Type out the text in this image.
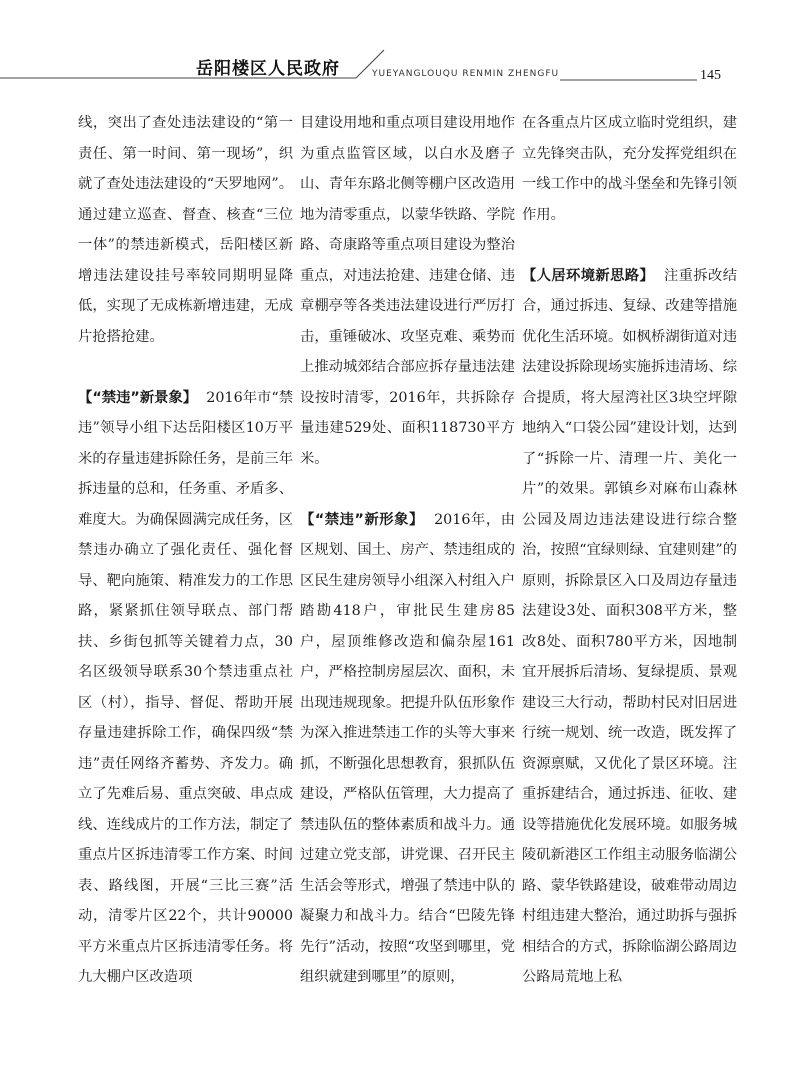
岳阳楼区人民政府	YUEYANGLOUQU RENMIN ZHENGFU	145

线，突出了查处违法建设的“第一责任、第一时间、第一现场”，织就了查处违法建设的“天罗地网”。通过建立巡查、督查、核查“三位一体”的禁违新模式，岳阳楼区新增违法建设挂号率较同期明显降低，实现了无成栋新增违建，无成片抢搭抢建。

【“禁违”新景象】 2016年市“禁违”领导小组下达岳阳楼区10万平米的存量违建拆除任务，是前三年拆违量的总和，任务重、矛盾多、难度大。为确保圆满完成任务，区禁违办确立了强化责任、强化督导、靶向施策、精准发力的工作思路，紧紧抓住领导联点、部门帮扶、乡街包抓等关键着力点，30名区级领导联系30个禁违重点社区（村），指导、督促、帮助开展存量违建拆除工作，确保四级“禁违”责任网络齐蓄势、齐发力。确立了先难后易、重点突破、串点成线、连线成片的工作方法，制定了重点片区拆违清零工作方案、时间表、路线图，开展“三比三赛”活动，清零片区22个，共计90000平方米重点片区拆违清零任务。将九大棚户区改造项

目建设用地和重点项目建设用地作为重点监管区域，以白水及磨子山、青年东路北侧等棚户区改造用地为清零重点，以蒙华铁路、学院路、奇康路等重点项目建设为整治重点，对违法抢建、违建仓储、违章棚亭等各类违法建设进行严厉打击，重锤破冰、攻坚克难、乘势而上推动城郊结合部应拆存量违法建设按时清零，2016年，共拆除存量违建529处、面积118730平方米。

【“禁违”新形象】 2016年，由区规划、国土、房产、禁违组成的区民生建房领导小组深入村组入户踏勘418户，审批民生建房85户，屋顶维修改造和偏杂屋161户，严格控制房屋层次、面积，未出现违规现象。把提升队伍形象作为深入推进禁违工作的头等大事来抓，不断强化思想教育，狠抓队伍建设，严格队伍管理，大力提高了禁违队伍的整体素质和战斗力。通过建立党支部，讲党课、召开民主生活会等形式，增强了禁违中队的凝聚力和战斗力。结合“巴陵先锋先行”活动，按照“攻坚到哪里，党组织就建到哪里”的原则，

在各重点片区成立临时党组织，建立先锋突击队，充分发挥党组织在一线工作中的战斗堡垒和先锋引领作用。

【人居环境新思路】 注重拆改结合，通过拆违、复绿、改建等措施优化生活环境。如枫桥湖街道对违法建设拆除现场实施拆违清场、综合提质，将大屋湾社区3块空坪隙地纳入“口袋公园”建设计划，达到了“拆除一片、清理一片、美化一片”的效果。郭镇乡对麻布山森林公园及周边违法建设进行综合整治，按照“宜绿则绿、宜建则建”的原则，拆除景区入口及周边存量违法建设3处、面积308平方米，整改8处、面积780平方米，因地制宜开展拆后清场、复绿提质、景观建设三大行动，帮助村民对旧居进行统一规划、统一改造，既发挥了资源禀赋，又优化了景区环境。注重拆建结合，通过拆违、征收、建设等措施优化发展环境。如服务城陵矶新港区工作组主动服务临湖公路、蒙华铁路建设，破难带动周边村组违建大整治，通过助拆与强拆相结合的方式，拆除临湖公路周边公路局荒地上私
